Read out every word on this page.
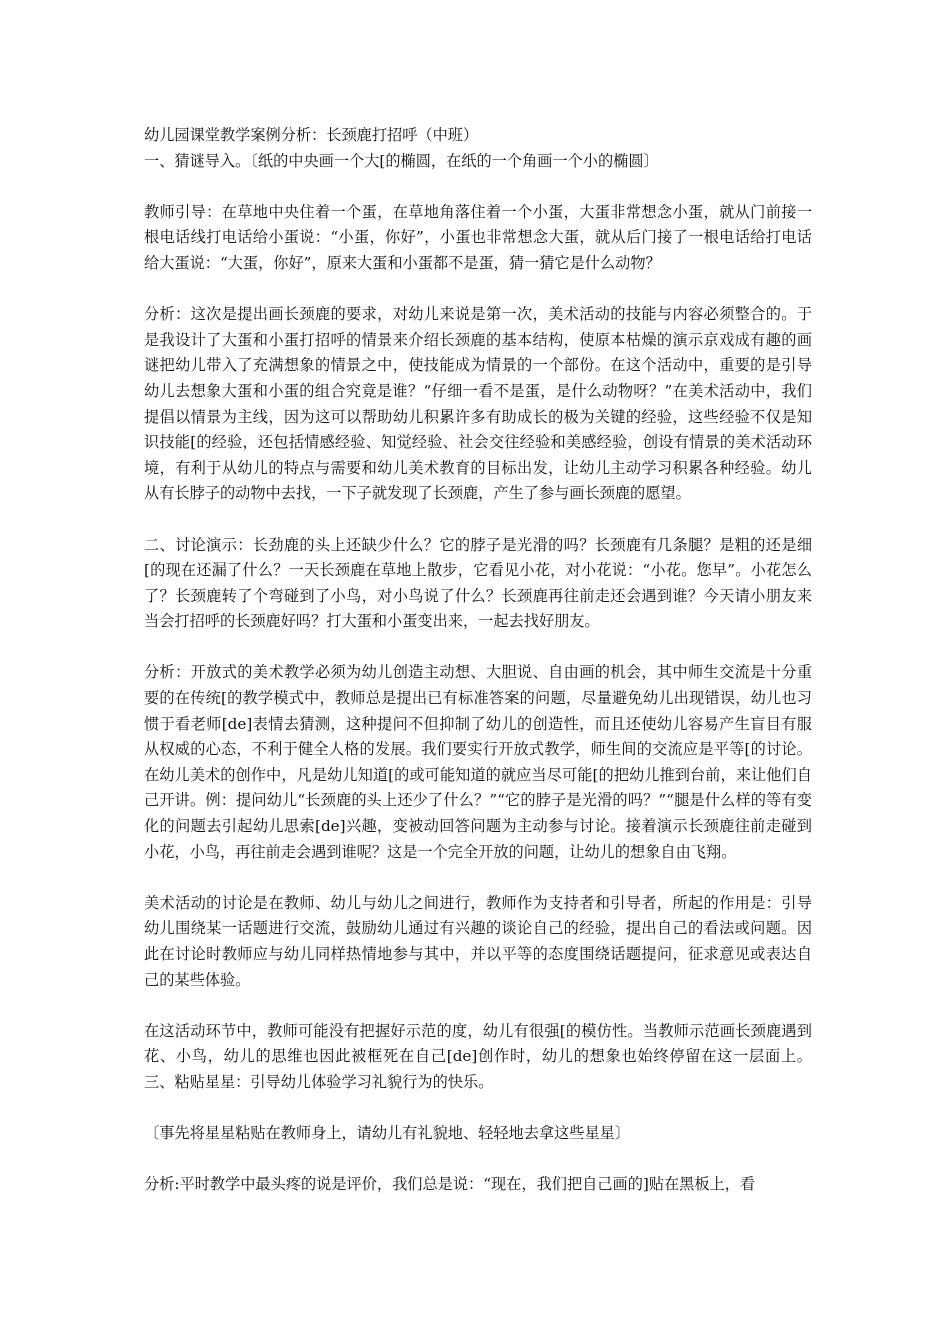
幼儿园课堂教学案例分析：长颈鹿打招呼（中班）

一、猜谜导入。〔纸的中央画一个大[的椭圆，在纸的一个角画一个小的椭圆〕

教师引导：在草地中央住着一个蛋，在草地角落住着一个小蛋，大蛋非常想念小蛋，就从门前接一根电话线打电话给小蛋说：“小蛋，你好”，小蛋也非常想念大蛋，就从后门接了一根电话给打电话给大蛋说：“大蛋，你好”，原来大蛋和小蛋都不是蛋，猜一猜它是什么动物？

分析：这次是提出画长颈鹿的要求，对幼儿来说是第一次，美术活动的技能与内容必须整合的。于是我设计了大蛋和小蛋打招呼的情景来介绍长颈鹿的基本结构，使原本枯燥的演示京戏成有趣的画谜把幼儿带入了充满想象的情景之中，使技能成为情景的一个部份。在这个活动中，重要的是引导幼儿去想象大蛋和小蛋的组合究竟是谁？“仔细一看不是蛋，是什么动物呀？”在美术活动中，我们提倡以情景为主线，因为这可以帮助幼儿积累许多有助成长的极为关键的经验，这些经验不仅是知识技能[的经验，还包括情感经验、知觉经验、社会交往经验和美感经验，创设有情景的美术活动环境，有利于从幼儿的特点与需要和幼儿美术教育的目标出发，让幼儿主动学习积累各种经验。幼儿从有长脖子的动物中去找，一下子就发现了长颈鹿，产生了参与画长颈鹿的愿望。

二、讨论演示：长劲鹿的头上还缺少什么？它的脖子是光滑的吗？长颈鹿有几条腿？是粗的还是细[的现在还漏了什么？一天长颈鹿在草地上散步，它看见小花，对小花说：“小花。您早”。小花怎么了？长颈鹿转了个弯碰到了小鸟，对小鸟说了什么？长颈鹿再往前走还会遇到谁？今天请小朋友来当会打招呼的长颈鹿好吗？打大蛋和小蛋变出来，一起去找好朋友。

分析：开放式的美术教学必须为幼儿创造主动想、大胆说、自由画的机会，其中师生交流是十分重要的在传统[的教学模式中，教师总是提出已有标准答案的问题，尽量避免幼儿出现错误，幼儿也习惯于看老师[de]表情去猜测，这种提问不但抑制了幼儿的创造性，而且还使幼儿容易产生盲目有服从权威的心态，不利于健全人格的发展。我们要实行开放式教学，师生间的交流应是平等[的讨论。在幼儿美术的创作中，凡是幼儿知道[的或可能知道的就应当尽可能[的把幼儿推到台前，来让他们自己开讲。例：提问幼儿“长颈鹿的头上还少了什么？”“它的脖子是光滑的吗？”“腿是什么样的等有变化的问题去引起幼儿思索[de]兴趣，变被动回答问题为主动参与讨论。接着演示长颈鹿往前走碰到小花，小鸟，再往前走会遇到谁呢？这是一个完全开放的问题，让幼儿的想象自由飞翔。

美术活动的讨论是在教师、幼儿与幼儿之间进行，教师作为支持者和引导者，所起的作用是：引导幼儿围绕某一话题进行交流，鼓励幼儿通过有兴趣的谈论自己的经验，提出自己的看法或问题。因此在讨论时教师应与幼儿同样热情地参与其中，并以平等的态度围绕话题提问，征求意见或表达自己的某些体验。

在这活动环节中，教师可能没有把握好示范的度，幼儿有很强[的模仿性。当教师示范画长颈鹿遇到花、小鸟，幼儿的思维也因此被框死在自己[de]创作时，幼儿的想象也始终停留在这一层面上。三、粘贴星星：引导幼儿体验学习礼貌行为的快乐。

〔事先将星星粘贴在教师身上，请幼儿有礼貌地、轻轻地去拿这些星星〕

分析:平时教学中最头疼的说是评价，我们总是说：“现在，我们把自己画的]贴在黑板上，看
